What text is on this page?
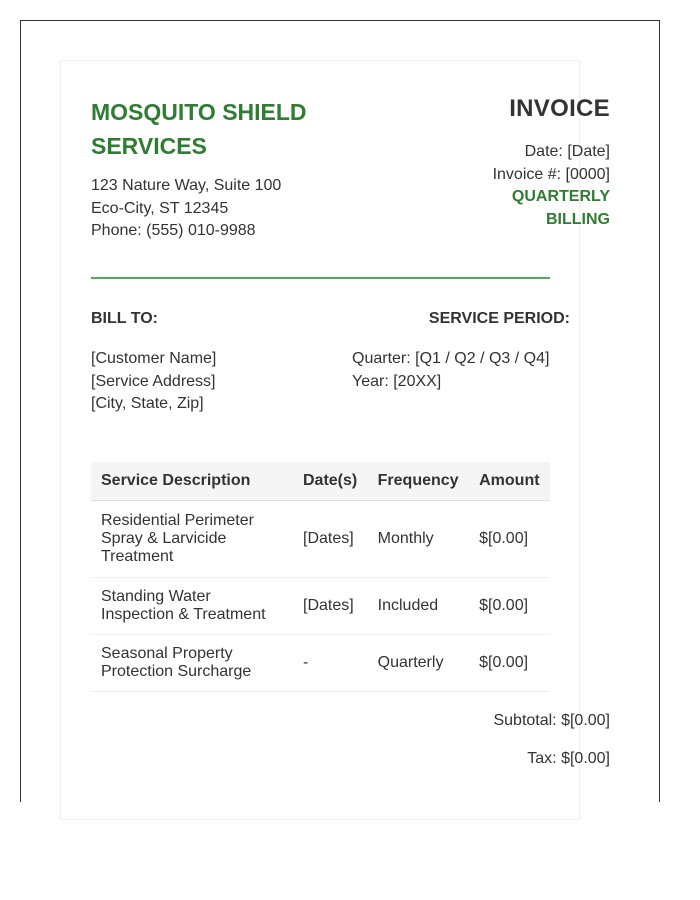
MOSQUITO SHIELD SERVICES
123 Nature Way, Suite 100
Eco-City, ST 12345
Phone: (555) 010-9988
INVOICE
Date: [Date]
Invoice #: [0000]
QUARTERLY BILLING
BILL TO:	SERVICE PERIOD:
[Customer Name]
[Service Address]
[City, State, Zip]
Quarter: [Q1 / Q2 / Q3 / Q4]
Year: [20XX]
Service Description	Date(s)	Frequency	Amount
Residential Perimeter Spray & Larvicide Treatment	[Dates]	Monthly	$[0.00]
Standing Water Inspection & Treatment	[Dates]	Included	$[0.00]
Seasonal Property Protection Surcharge	-	Quarterly	$[0.00]
Subtotal: $[0.00]
Tax: $[0.00]
